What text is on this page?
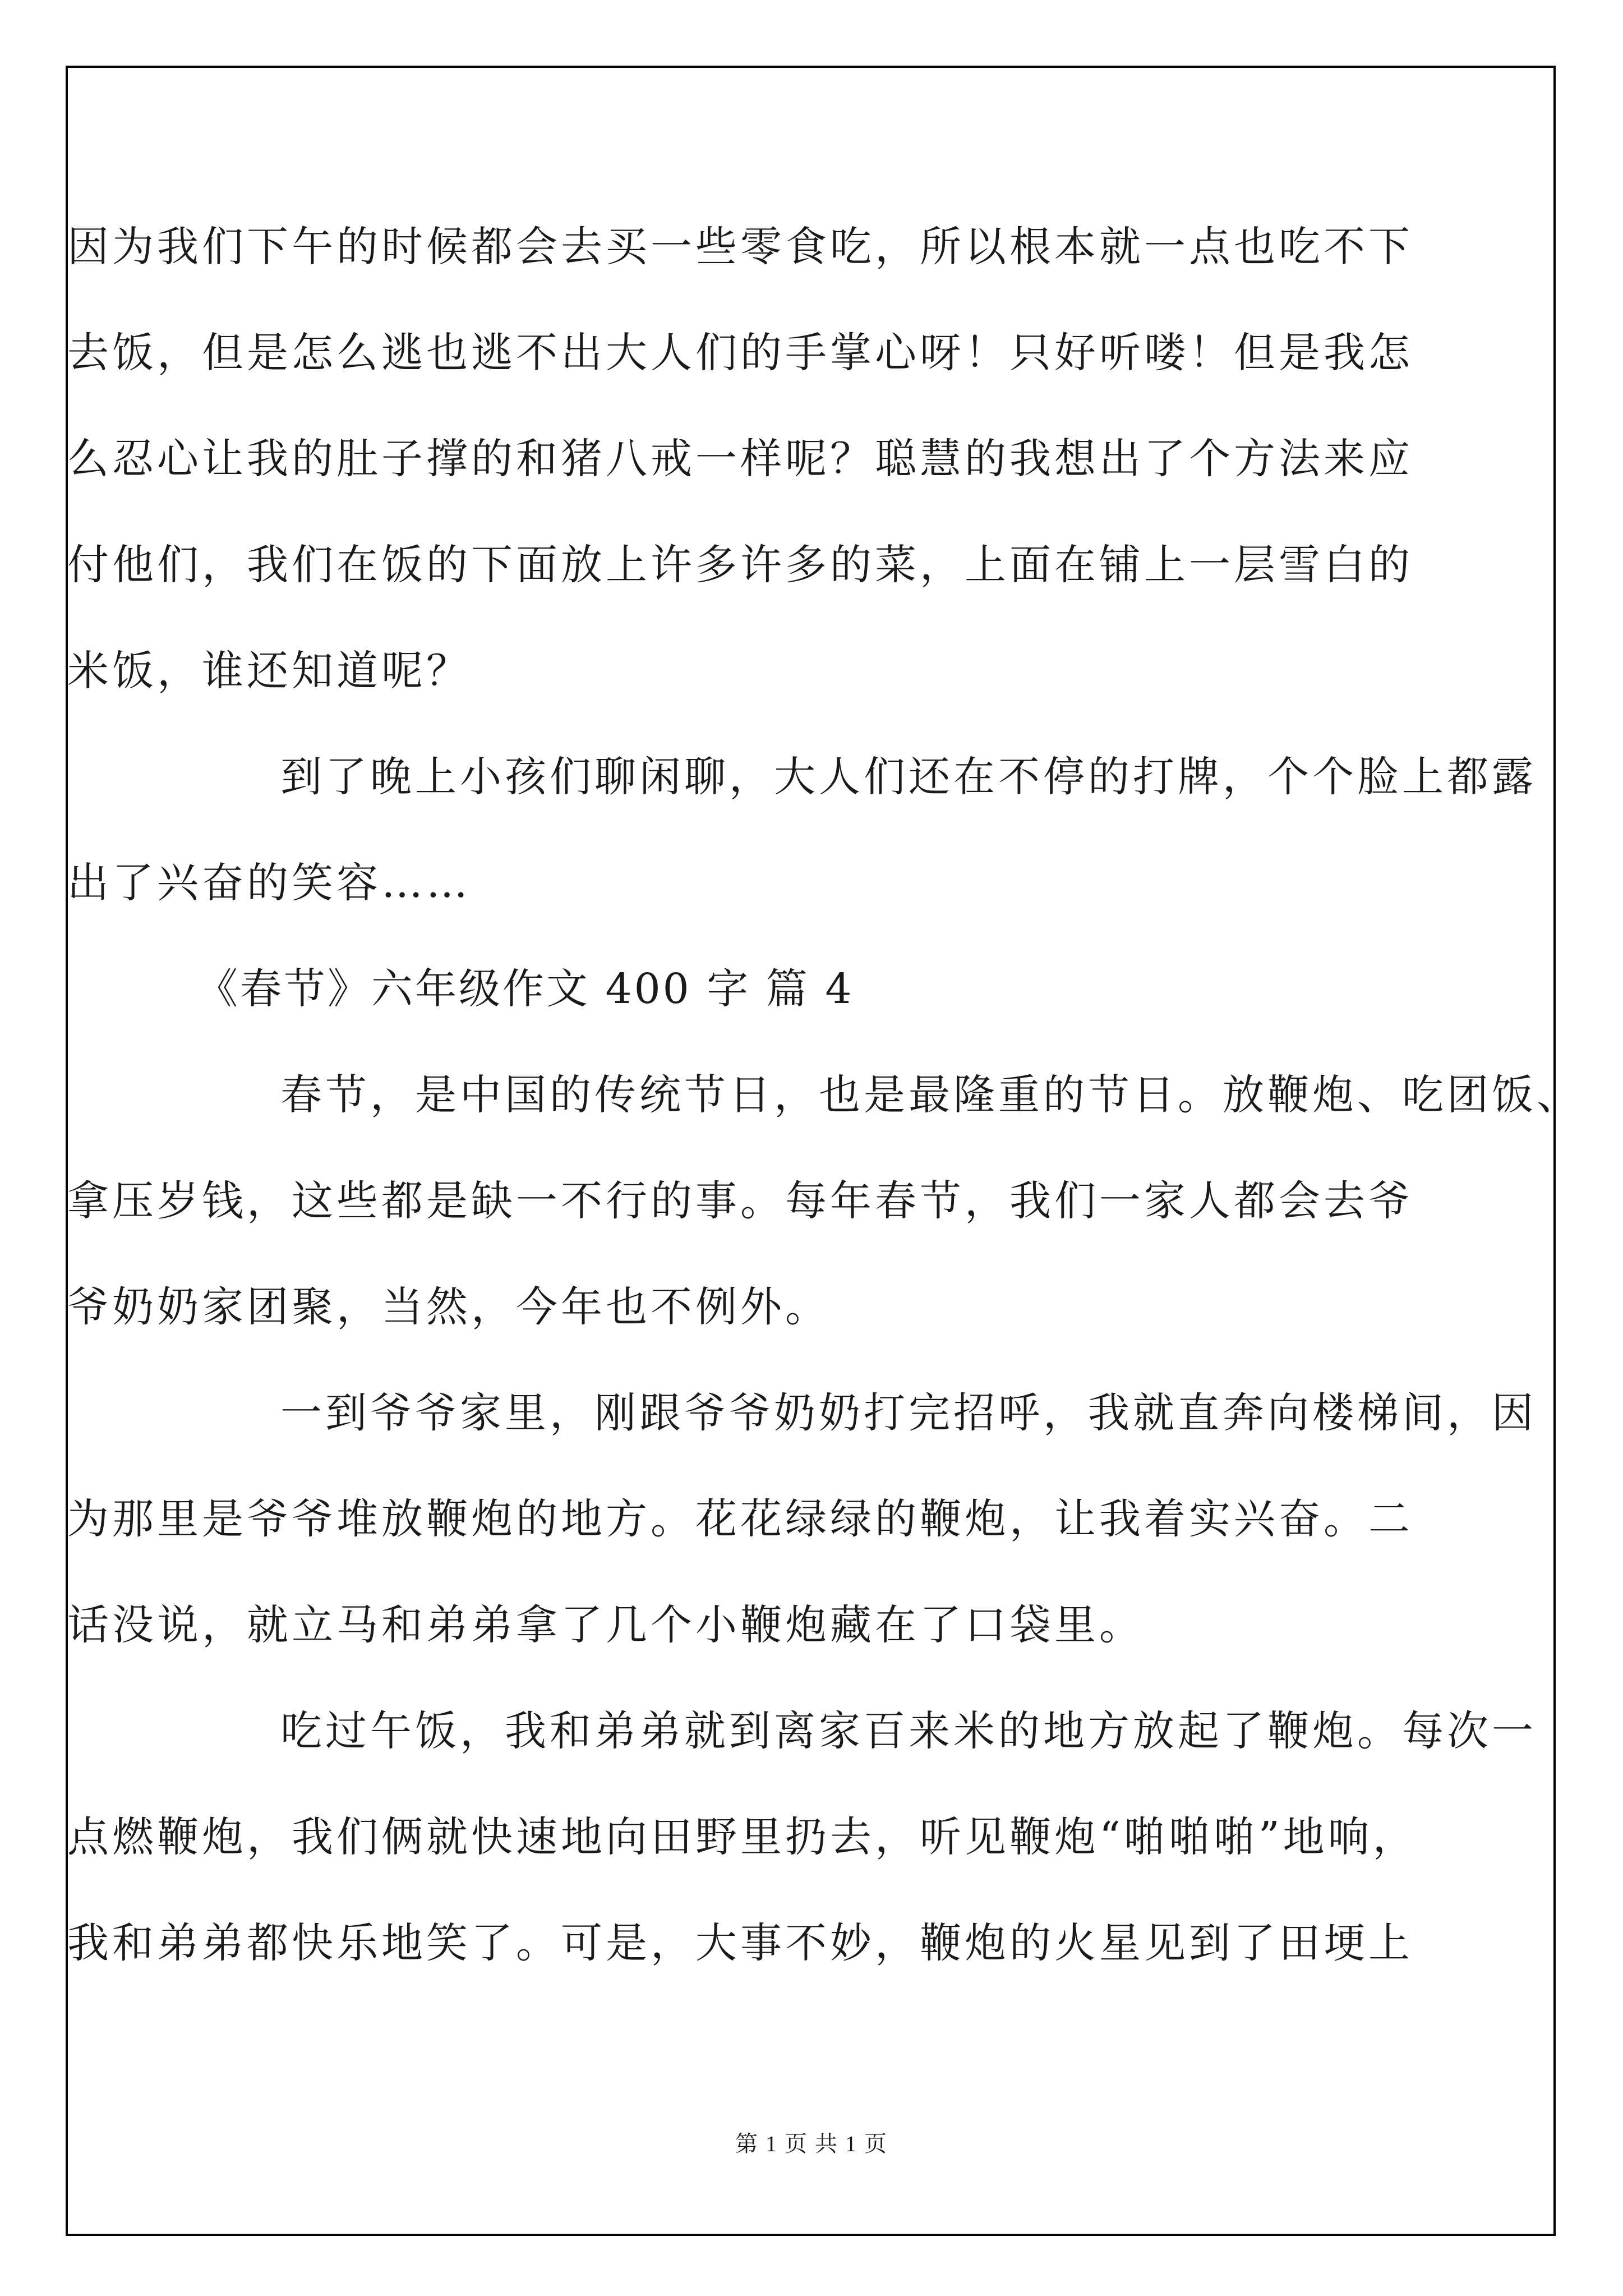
因为我们下午的时候都会去买一些零食吃，所以根本就一点也吃不下
去饭，但是怎么逃也逃不出大人们的手掌心呀！只好听喽！但是我怎
么忍心让我的肚子撑的和猪八戒一样呢？聪慧的我想出了个方法来应
付他们，我们在饭的下面放上许多许多的菜，上面在铺上一层雪白的
米饭，谁还知道呢？
到了晚上小孩们聊闲聊，大人们还在不停的打牌，个个脸上都露
出了兴奋的笑容……
《春节》六年级作文 400 字 篇 4
春节，是中国的传统节日，也是最隆重的节日。放鞭炮、吃团饭、
拿压岁钱，这些都是缺一不行的事。每年春节，我们一家人都会去爷
爷奶奶家团聚，当然，今年也不例外。
一到爷爷家里，刚跟爷爷奶奶打完招呼，我就直奔向楼梯间，因
为那里是爷爷堆放鞭炮的地方。花花绿绿的鞭炮，让我着实兴奋。二
话没说，就立马和弟弟拿了几个小鞭炮藏在了口袋里。
吃过午饭，我和弟弟就到离家百来米的地方放起了鞭炮。每次一
点燃鞭炮，我们俩就快速地向田野里扔去，听见鞭炮“啪啪啪”地响，
我和弟弟都快乐地笑了。可是，大事不妙，鞭炮的火星见到了田埂上
第 1 页 共 1 页
